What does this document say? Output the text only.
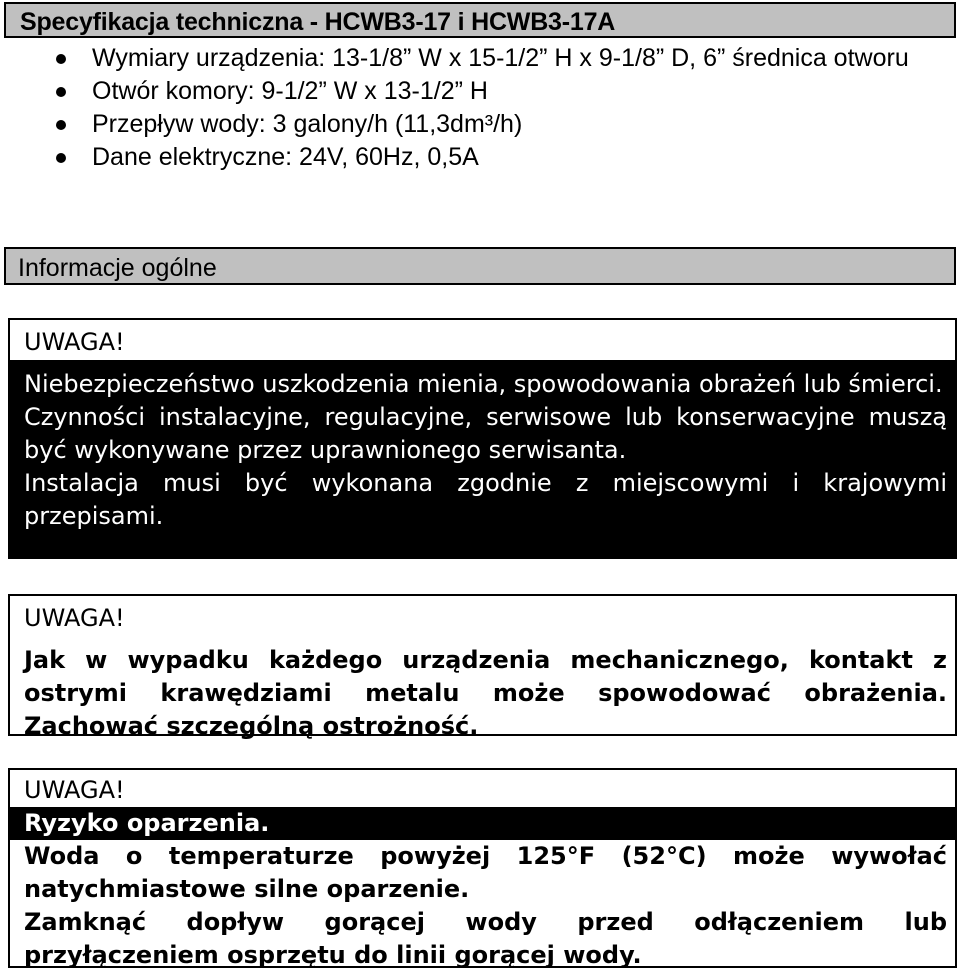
Specyfikacja techniczna - HCWB3-17 i HCWB3-17A
Wymiary urządzenia: 13-1/8” W x 15-1/2” H x 9-1/8” D, 6” średnica otworu
Otwór komory: 9-1/2” W x 13-1/2” H
Przepływ wody: 3 galony/h (11,3dm³/h)
Dane elektryczne: 24V, 60Hz, 0,5A
Informacje ogólne
UWAGA!

Niebezpieczeństwo uszkodzenia mienia, spowodowania obrażeń lub śmierci.

Czynności instalacyjne, regulacyjne, serwisowe lub konserwacyjne muszą być wykonywane przez uprawnionego serwisanta.

Instalacja musi być wykonana zgodnie z miejscowymi i krajowymi przepisami.

UWAGA!

Jak w wypadku każdego urządzenia mechanicznego, kontakt z ostrymi krawędziami metalu może spowodować obrażenia. Zachować szczególną ostrożność.

UWAGA!

Ryzyko oparzenia.

Woda o temperaturze powyżej 125°F (52°C) może wywołać natychmiastowe silne oparzenie.

Zamknąć dopływ gorącej wody przed odłączeniem lub przyłączeniem osprzętu do linii gorącej wody.
